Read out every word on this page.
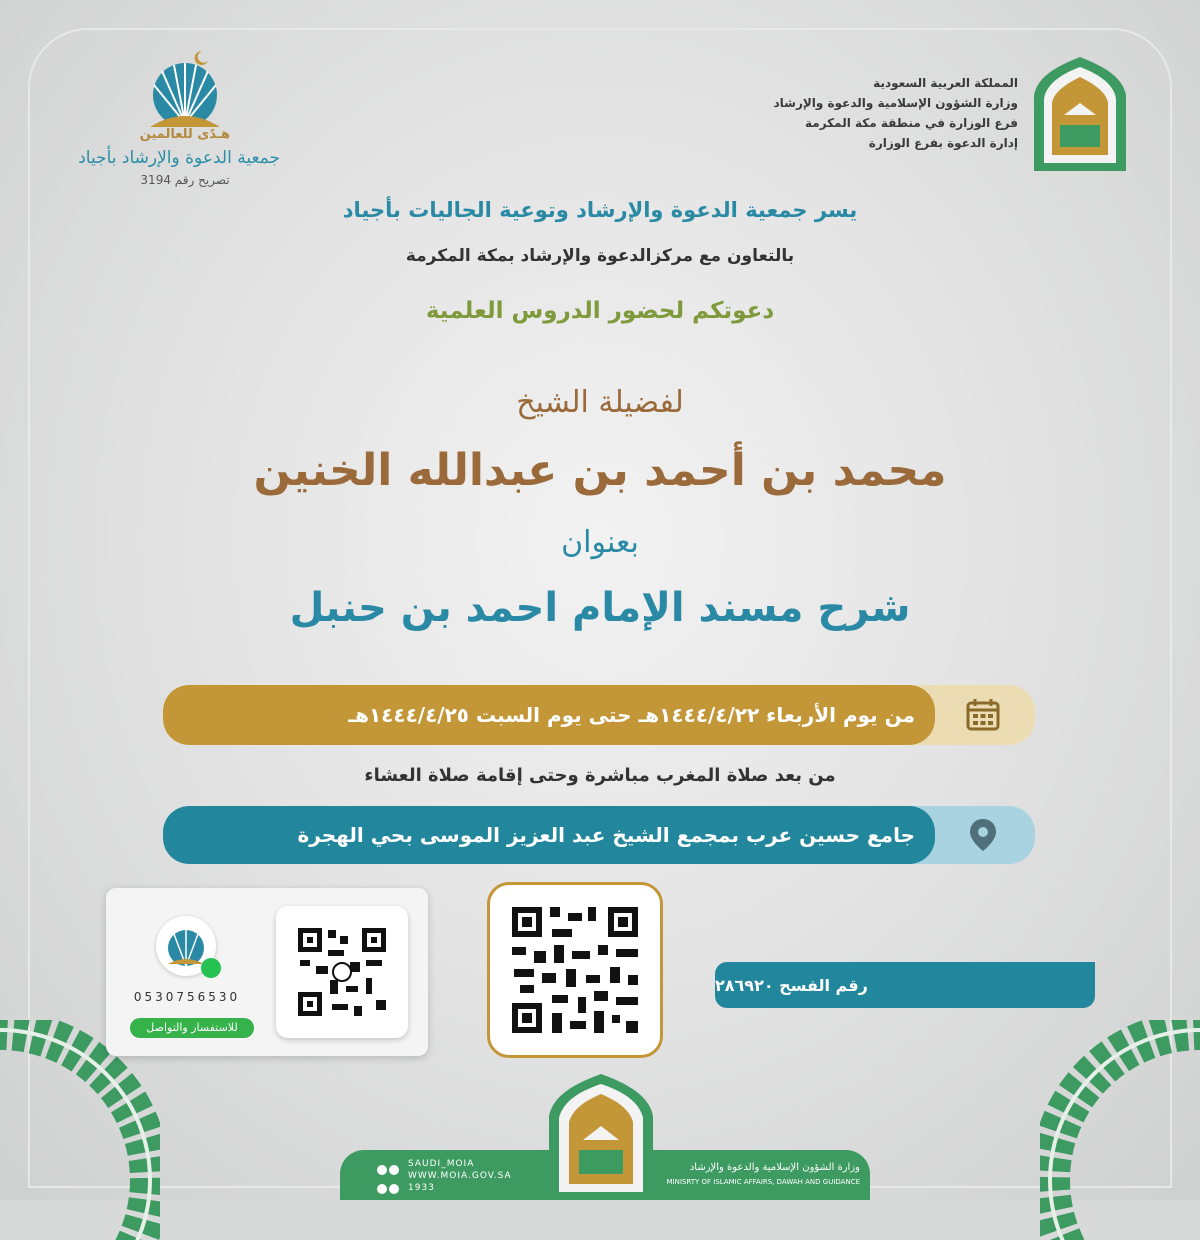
المملكة العربية السعودية
وزارة الشؤون الإسلامية والدعوة والإرشاد
فرع الوزارة في منطقة مكة المكرمة
إدارة الدعوة بفرع الوزارة
هـدًى للعالمين
جمعية الدعوة والإرشاد بأجياد
تصريح رقم 3194
يسر جمعية الدعوة والإرشاد وتوعية الجاليات بأجياد
بالتعاون مع مركزالدعوة والإرشاد بمكة المكرمة
دعوتكم لحضور الدروس العلمية
لفضيلة الشيخ
محمد بن أحمد بن عبدالله الخنين
بعنوان
شرح مسند الإمام احمد بن حنبل
من يوم الأربعاء ١٤٤٤/٤/٢٢هـ حتى يوم السبت ١٤٤٤/٤/٢٥هـ
من بعد صلاة المغرب مباشرة وحتى إقامة صلاة العشاء
جامع حسين عرب بمجمع الشيخ عبد العزيز الموسى بحي الهجرة
0530756530
للاستفسار والتواصل
رقم الفسح ٢٨٦٩٢٠
SAUDI_MOIA
WWW.MOIA.GOV.SA
1933
وزارة الشؤون الإسلامية والدعوة والإرشاد
MINISRTY OF ISLAMIC AFFAIRS, DAWAH AND GUIDANCE
